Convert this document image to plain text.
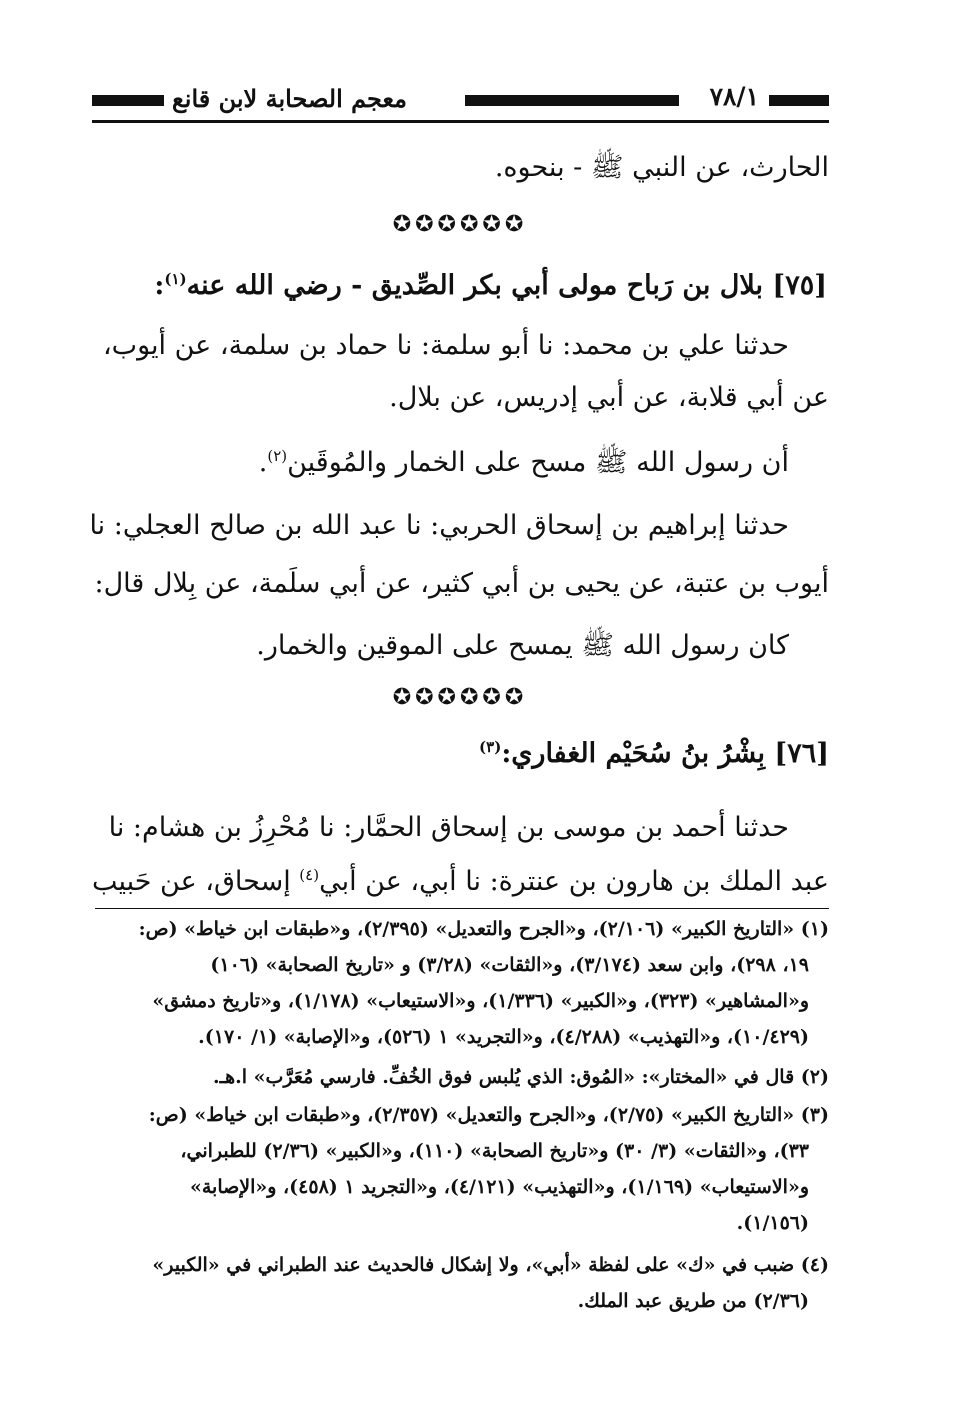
٧٨/١
معجم الصحابة لابن قانع
الحارث، عن النبي ﷺ - بنحوه.
✪✪✪✪✪✪
[٧٥] بلال بن رَباح مولى أبي بكر الصِّديق - رضي الله عنه$^{(١)}$:
حدثنا علي بن محمد: نا أبو سلمة: نا حماد بن سلمة، عن أيوب،
عن أبي قلابة، عن أبي إدريس، عن بلال.
أن رسول الله ﷺ مسح على الخمار والمُوقَين$^{(٢)}$.
حدثنا إبراهيم بن إسحاق الحربي: نا عبد الله بن صالح العجلي: نا
أيوب بن عتبة، عن يحيى بن أبي كثير، عن أبي سلَمة، عن بِلال قال:
كان رسول الله ﷺ يمسح على الموقين والخمار.
✪✪✪✪✪✪
[٧٦] بِشْرُ بنُ سُحَيْم الغفاري:$^{(٣)}$
حدثنا أحمد بن موسى بن إسحاق الحمَّار: نا مُحْرِزُ بن هشام: نا
عبد الملك بن هارون بن عنترة: نا أبي، عن أبي$^{(٤)}$ إسحاق، عن حَبيب
(١) «التاريخ الكبير» (٢/١٠٦)، و«الجرح والتعديل» (٢/٣٩٥)، و«طبقات ابن خياط» (ص:
١٩، ٢٩٨)، وابن سعد (٣/١٧٤)، و«الثقات» (٣/٢٨) و «تاريخ الصحابة» (١٠٦)
و«المشاهير» (٣٢٣)، و«الكبير» (١/٣٣٦)، و«الاستيعاب» (١/١٧٨)، و«تاريخ دمشق»
(١٠/٤٢٩)، و«التهذيب» (٤/٢٨٨)، و«التجريد» ١ (٥٢٦)، و«الإصابة» (١/ ١٧٠).
(٢) قال في «المختار»: «المُوق: الذي يُلبس فوق الخُفِّ. فارسي مُعَرَّب» ا.هـ.
(٣) «التاريخ الكبير» (٢/٧٥)، و«الجرح والتعديل» (٢/٣٥٧)، و«طبقات ابن خياط» (ص:
٣٣)، و«الثقات» (٣/ ٣٠) و«تاريخ الصحابة» (١١٠)، و«الكبير» (٢/٣٦) للطبراني،
و«الاستيعاب» (١/١٦٩)، و«التهذيب» (٤/١٢١)، و«التجريد ١ (٤٥٨)، و«الإصابة»
(١/١٥٦).
(٤) ضبب في «ك» على لفظة «أبي»، ولا إشكال فالحديث عند الطبراني في «الكبير»
(٢/٣٦) من طريق عبد الملك.
